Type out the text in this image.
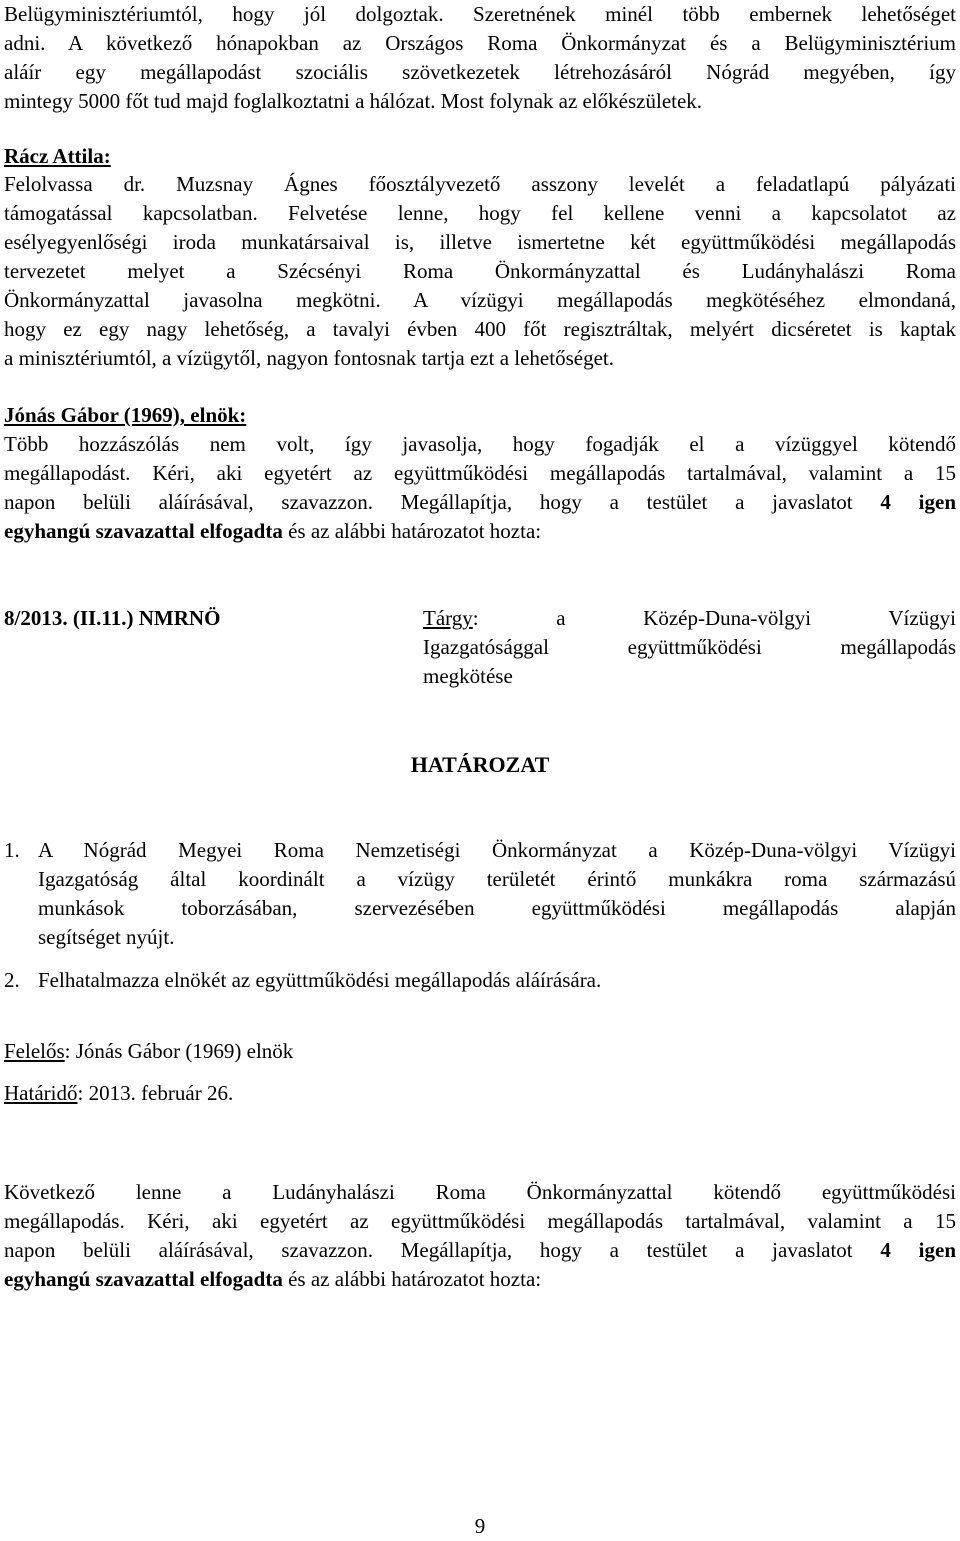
Belügyminisztériumtól, hogy jól dolgoztak. Szeretnének minél több embernek lehetőséget

adni. A következő hónapokban az Országos Roma Önkormányzat és a Belügyminisztérium

aláír egy megállapodást szociális szövetkezetek létrehozásáról Nógrád megyében, így

mintegy 5000 főt tud majd foglalkoztatni a hálózat. Most folynak az előkészületek.

Rácz Attila:

Felolvassa dr. Muzsnay Ágnes főosztályvezető asszony levelét a feladatlapú pályázati

támogatással kapcsolatban. Felvetése lenne, hogy fel kellene venni a kapcsolatot az

esélyegyenlőségi iroda munkatársaival is, illetve ismertetne két együttműködési megállapodás

tervezetet melyet a Szécsényi Roma Önkormányzattal és Ludányhalászi Roma

Önkormányzattal javasolna megkötni. A vízügyi megállapodás megkötéséhez elmondaná,

hogy ez egy nagy lehetőség, a tavalyi évben 400 főt regisztráltak, melyért dicséretet is kaptak

a minisztériumtól, a vízügytől, nagyon fontosnak tartja ezt a lehetőséget.

Jónás Gábor (1969), elnök:

Több hozzászólás nem volt, így javasolja, hogy fogadják el a vízüggyel kötendő

megállapodást. Kéri, aki egyetért az együttműködési megállapodás tartalmával, valamint a 15

napon belüli aláírásával, szavazzon. Megállapítja, hogy a testület a javaslatot 4 igen

egyhangú szavazattal elfogadta és az alábbi határozatot hozta:

8/2013. (II.11.) NMRNÖ	Tárgy: a Közép-Duna-völgyi Vízügyi

Igazgatósággal együttműködési megállapodás

megkötése

HATÁROZAT
1. A Nógrád Megyei Roma Nemzetiségi Önkormányzat a Közép-Duna-völgyi Vízügyi

Igazgatóság által koordinált a vízügy területét érintő munkákra roma származású

munkások toborzásában, szervezésében együttműködési megállapodás alapján

segítséget nyújt.

2. Felhatalmazza elnökét az együttműködési megállapodás aláírására.

Felelős: Jónás Gábor (1969) elnök
Határidő: 2013. február 26.

Következő lenne a Ludányhalászi Roma Önkormányzattal kötendő együttműködési

megállapodás. Kéri, aki egyetért az együttműködési megállapodás tartalmával, valamint a 15

napon belüli aláírásával, szavazzon. Megállapítja, hogy a testület a javaslatot 4 igen

egyhangú szavazattal elfogadta és az alábbi határozatot hozta:

9
